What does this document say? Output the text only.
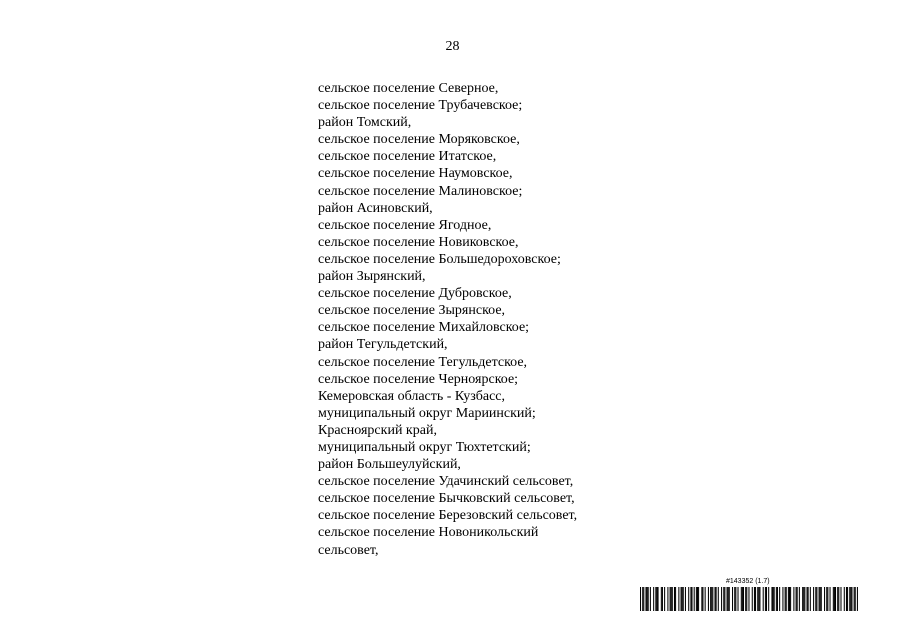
28
сельское поселение Северное,
сельское поселение Трубачевское;
район Томский,
сельское поселение Моряковское,
сельское поселение Итатское,
сельское поселение Наумовское,
сельское поселение Малиновское;
район Асиновский,
сельское поселение Ягодное,
сельское поселение Новиковское,
сельское поселение Большедороховское;
район Зырянский,
сельское поселение Дубровское,
сельское поселение Зырянское,
сельское поселение Михайловское;
район Тегульдетский,
сельское поселение Тегульдетское,
сельское поселение Черноярское;
Кемеровская область - Кузбасс,
муниципальный округ Мариинский;
Красноярский край,
муниципальный округ Тюхтетский;
район Большеулуйский,
сельское поселение Удачинский сельсовет,
сельское поселение Бычковский сельсовет,
сельское поселение Березовский сельсовет,
сельское поселение Новоникольский
сельсовет,
#143352 (1.7)
